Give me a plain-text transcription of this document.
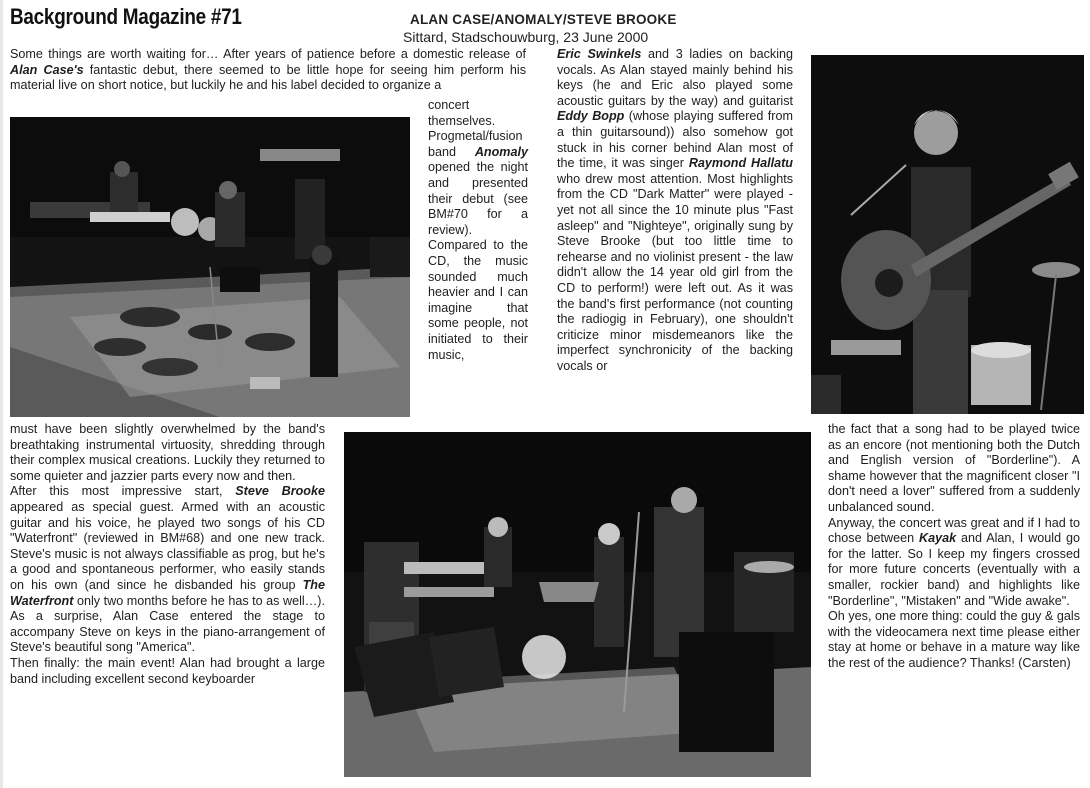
Background Magazine #71	ALAN CASE/ANOMALY/STEVE BROOKE
Sittard, Stadschouwburg, 23 June 2000

Some things are worth waiting for… After years of patience before a domestic release of Alan Case's fantastic debut, there seemed to be little hope for seeing him perform his material live on short notice, but luckily he and his label decided to organize a

concert themselves. Progmetal/fusion band Anomaly opened the night and presented their debut (see BM#70 for a review). Compared to the CD, the music sounded much heavier and I can imagine that some people, not initiated to their music,

Eric Swinkels and 3 ladies on backing vocals. As Alan stayed mainly behind his keys (he and Eric also played some acoustic guitars by the way) and guitarist Eddy Bopp (whose playing suffered from a thin guitarsound)) also somehow got stuck in his corner behind Alan most of the time, it was singer Raymond Hallatu who drew most attention. Most highlights from the CD "Dark Matter" were played - yet not all since the 10 minute plus "Fast asleep" and "Nighteye", originally sung by Steve Brooke (but too little time to rehearse and no violinist present - the law didn't allow the 14 year old girl from the CD to perform!) were left out. As it was the band's first performance (not counting the radiogig in February), one shouldn't criticize minor misdemeanors like the imperfect synchronicity of the backing vocals or

must have been slightly overwhelmed by the band's breathtaking instrumental virtuosity, shredding through their complex musical creations. Luckily they returned to some quieter and jazzier parts every now and then.

After this most impressive start, Steve Brooke appeared as special guest. Armed with an acoustic guitar and his voice, he played two songs of his CD "Waterfront" (reviewed in BM#68) and one new track. Steve's music is not always classifiable as prog, but he's a good and spontaneous performer, who easily stands on his own (and since he disbanded his group The Waterfront only two months before he has to as well…). As a surprise, Alan Case entered the stage to accompany Steve on keys in the piano-arrangement of Steve's beautiful song "America".

Then finally: the main event! Alan had brought a large band including excellent second keyboarder

the fact that a song had to be played twice as an encore (not mentioning both the Dutch and English version of "Borderline"). A shame however that the magnificent closer "I don't need a lover" suffered from a suddenly unbalanced sound.

Anyway, the concert was great and if I had to chose between Kayak and Alan, I would go for the latter. So I keep my fingers crossed for more future concerts (eventually with a smaller, rockier band) and highlights like "Borderline", "Mistaken" and "Wide awake".

Oh yes, one more thing: could the guy & gals with the videocamera next time please either stay at home or behave in a mature way like the rest of the audience? Thanks! (Carsten)
